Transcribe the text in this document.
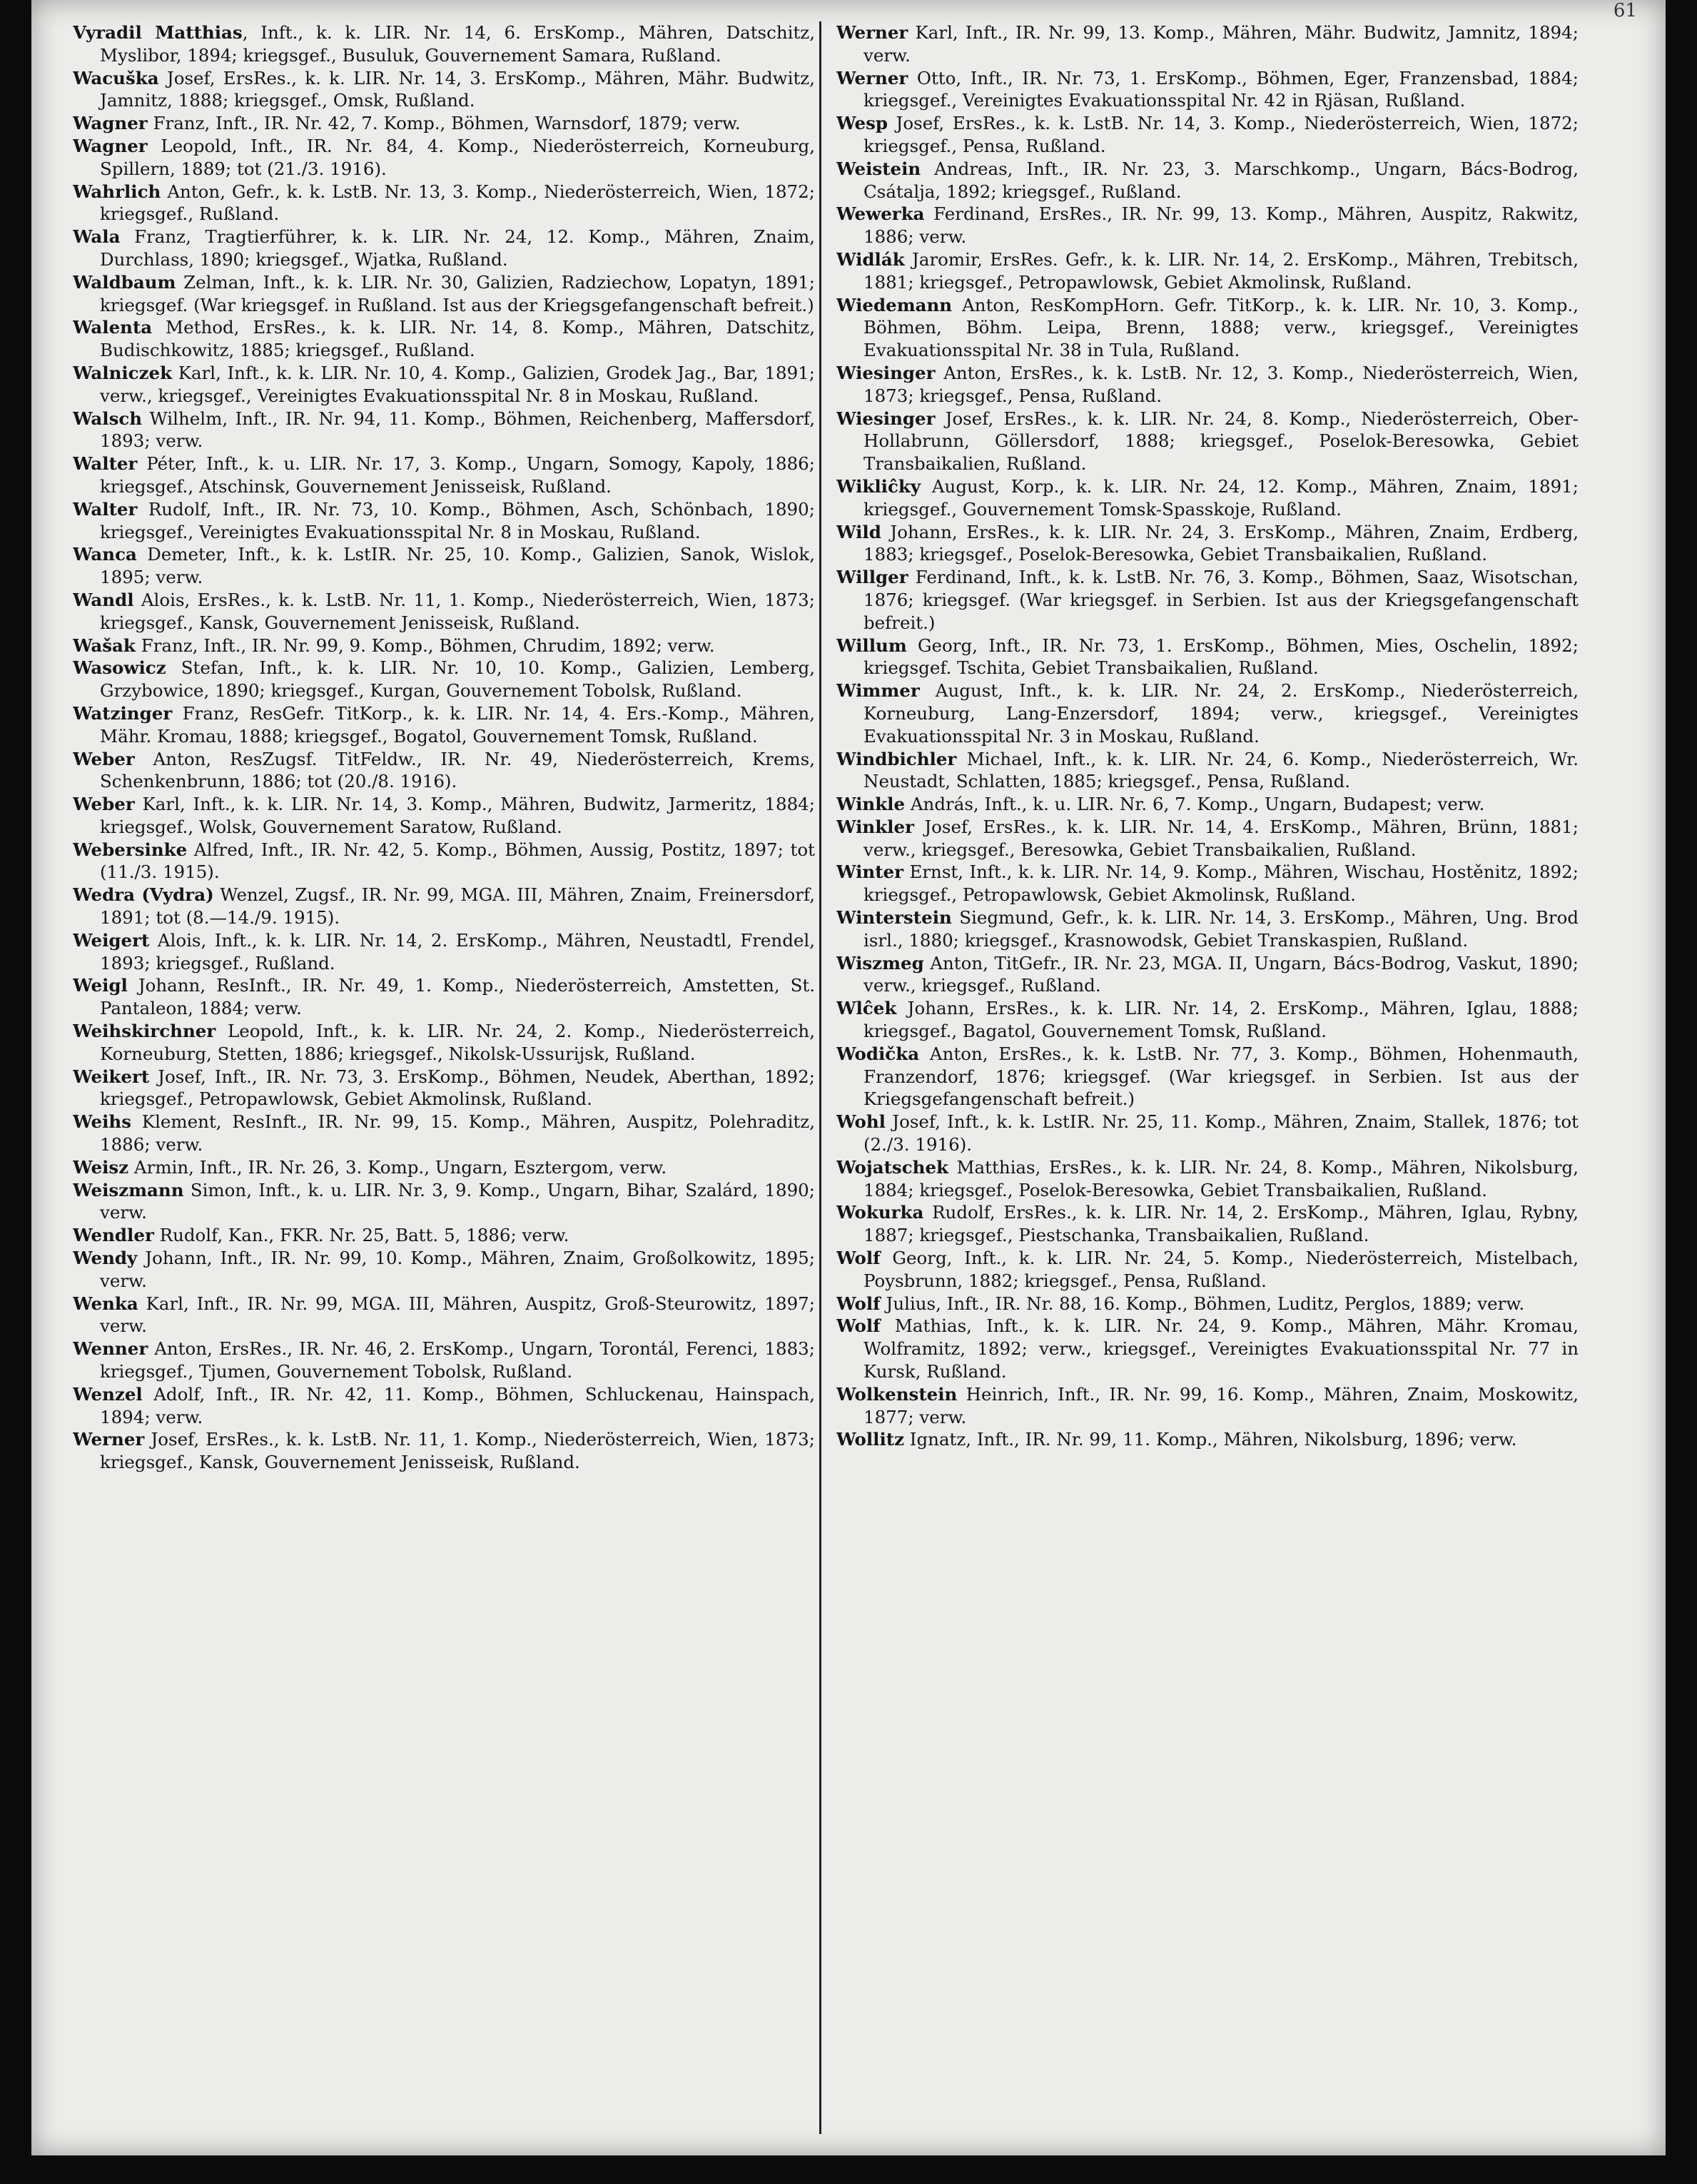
61
Vyradil Matthias, Inft., k. k. LIR. Nr. 14, 6. ErsKomp., Mähren, Datschitz, Myslibor, 1894; kriegsgef., Busuluk, Gouvernement Samara, Rußland.
Wacuška Josef, ErsRes., k. k. LIR. Nr. 14, 3. ErsKomp., Mähren, Mähr. Budwitz, Jamnitz, 1888; kriegsgef., Omsk, Rußland.
Wagner Franz, Inft., IR. Nr. 42, 7. Komp., Böhmen, Warnsdorf, 1879; verw.
Wagner Leopold, Inft., IR. Nr. 84, 4. Komp., Niederösterreich, Korneuburg, Spillern, 1889; tot (21./3. 1916).
Wahrlich Anton, Gefr., k. k. LstB. Nr. 13, 3. Komp., Niederösterreich, Wien, 1872; kriegsgef., Rußland.
Wala Franz, Tragtierführer, k. k. LIR. Nr. 24, 12. Komp., Mähren, Znaim, Durchlass, 1890; kriegsgef., Wjatka, Rußland.
Waldbaum Zelman, Inft., k. k. LIR. Nr. 30, Galizien, Radziechow, Lopatyn, 1891; kriegsgef. (War kriegsgef. in Rußland. Ist aus der Kriegsgefangenschaft befreit.)
Walenta Method, ErsRes., k. k. LIR. Nr. 14, 8. Komp., Mähren, Datschitz, Budischkowitz, 1885; kriegsgef., Rußland.
Walniczek Karl, Inft., k. k. LIR. Nr. 10, 4. Komp., Galizien, Grodek Jag., Bar, 1891; verw., kriegsgef., Vereinigtes Evakuationsspital Nr. 8 in Moskau, Rußland.
Walsch Wilhelm, Inft., IR. Nr. 94, 11. Komp., Böhmen, Reichenberg, Maffersdorf, 1893; verw.
Walter Péter, Inft., k. u. LIR. Nr. 17, 3. Komp., Ungarn, Somogy, Kapoly, 1886; kriegsgef., Atschinsk, Gouvernement Jenisseisk, Rußland.
Walter Rudolf, Inft., IR. Nr. 73, 10. Komp., Böhmen, Asch, Schönbach, 1890; kriegsgef., Vereinigtes Evakuationsspital Nr. 8 in Moskau, Rußland.
Wanca Demeter, Inft., k. k. LstIR. Nr. 25, 10. Komp., Galizien, Sanok, Wislok, 1895; verw.
Wandl Alois, ErsRes., k. k. LstB. Nr. 11, 1. Komp., Niederösterreich, Wien, 1873; kriegsgef., Kansk, Gouvernement Jenisseisk, Rußland.
Wašak Franz, Inft., IR. Nr. 99, 9. Komp., Böhmen, Chrudim, 1892; verw.
Wasowicz Stefan, Inft., k. k. LIR. Nr. 10, 10. Komp., Galizien, Lemberg, Grzybowice, 1890; kriegsgef., Kurgan, Gouvernement Tobolsk, Rußland.
Watzinger Franz, ResGefr. TitKorp., k. k. LIR. Nr. 14, 4. Ers.-Komp., Mähren, Mähr. Kromau, 1888; kriegsgef., Bogatol, Gouvernement Tomsk, Rußland.
Weber Anton, ResZugsf. TitFeldw., IR. Nr. 49, Niederösterreich, Krems, Schenkenbrunn, 1886; tot (20./8. 1916).
Weber Karl, Inft., k. k. LIR. Nr. 14, 3. Komp., Mähren, Budwitz, Jarmeritz, 1884; kriegsgef., Wolsk, Gouvernement Saratow, Rußland.
Webersinke Alfred, Inft., IR. Nr. 42, 5. Komp., Böhmen, Aussig, Postitz, 1897; tot (11./3. 1915).
Wedra (Vydra) Wenzel, Zugsf., IR. Nr. 99, MGA. III, Mähren, Znaim, Freinersdorf, 1891; tot (8.—14./9. 1915).
Weigert Alois, Inft., k. k. LIR. Nr. 14, 2. ErsKomp., Mähren, Neustadtl, Frendel, 1893; kriegsgef., Rußland.
Weigl Johann, ResInft., IR. Nr. 49, 1. Komp., Niederösterreich, Amstetten, St. Pantaleon, 1884; verw.
Weihskirchner Leopold, Inft., k. k. LIR. Nr. 24, 2. Komp., Niederösterreich, Korneuburg, Stetten, 1886; kriegsgef., Nikolsk-Ussurijsk, Rußland.
Weikert Josef, Inft., IR. Nr. 73, 3. ErsKomp., Böhmen, Neudek, Aberthan, 1892; kriegsgef., Petropawlowsk, Gebiet Akmolinsk, Rußland.
Weihs Klement, ResInft., IR. Nr. 99, 15. Komp., Mähren, Auspitz, Polehraditz, 1886; verw.
Weisz Armin, Inft., IR. Nr. 26, 3. Komp., Ungarn, Esztergom, verw.
Weiszmann Simon, Inft., k. u. LIR. Nr. 3, 9. Komp., Ungarn, Bihar, Szalárd, 1890; verw.
Wendler Rudolf, Kan., FKR. Nr. 25, Batt. 5, 1886; verw.
Wendy Johann, Inft., IR. Nr. 99, 10. Komp., Mähren, Znaim, Großolkowitz, 1895; verw.
Wenka Karl, Inft., IR. Nr. 99, MGA. III, Mähren, Auspitz, Groß-Steurowitz, 1897; verw.
Wenner Anton, ErsRes., IR. Nr. 46, 2. ErsKomp., Ungarn, Torontál, Ferenci, 1883; kriegsgef., Tjumen, Gouvernement Tobolsk, Rußland.
Wenzel Adolf, Inft., IR. Nr. 42, 11. Komp., Böhmen, Schluckenau, Hainspach, 1894; verw.
Werner Josef, ErsRes., k. k. LstB. Nr. 11, 1. Komp., Niederösterreich, Wien, 1873; kriegsgef., Kansk, Gouvernement Jenisseisk, Rußland.
Werner Karl, Inft., IR. Nr. 99, 13. Komp., Mähren, Mähr. Budwitz, Jamnitz, 1894; verw.
Werner Otto, Inft., IR. Nr. 73, 1. ErsKomp., Böhmen, Eger, Franzensbad, 1884; kriegsgef., Vereinigtes Evakuationsspital Nr. 42 in Rjäsan, Rußland.
Wesp Josef, ErsRes., k. k. LstB. Nr. 14, 3. Komp., Niederösterreich, Wien, 1872; kriegsgef., Pensa, Rußland.
Weistein Andreas, Inft., IR. Nr. 23, 3. Marschkomp., Ungarn, Bács-Bodrog, Csátalja, 1892; kriegsgef., Rußland.
Wewerka Ferdinand, ErsRes., IR. Nr. 99, 13. Komp., Mähren, Auspitz, Rakwitz, 1886; verw.
Widlák Jaromir, ErsRes. Gefr., k. k. LIR. Nr. 14, 2. ErsKomp., Mähren, Trebitsch, 1881; kriegsgef., Petropawlowsk, Gebiet Akmolinsk, Rußland.
Wiedemann Anton, ResKompHorn. Gefr. TitKorp., k. k. LIR. Nr. 10, 3. Komp., Böhmen, Böhm. Leipa, Brenn, 1888; verw., kriegsgef., Vereinigtes Evakuationsspital Nr. 38 in Tula, Rußland.
Wiesinger Anton, ErsRes., k. k. LstB. Nr. 12, 3. Komp., Niederösterreich, Wien, 1873; kriegsgef., Pensa, Rußland.
Wiesinger Josef, ErsRes., k. k. LIR. Nr. 24, 8. Komp., Niederösterreich, Ober-Hollabrunn, Göllersdorf, 1888; kriegsgef., Poselok-Beresowka, Gebiet Transbaikalien, Rußland.
Wikliĉky August, Korp., k. k. LIR. Nr. 24, 12. Komp., Mähren, Znaim, 1891; kriegsgef., Gouvernement Tomsk-Spasskoje, Rußland.
Wild Johann, ErsRes., k. k. LIR. Nr. 24, 3. ErsKomp., Mähren, Znaim, Erdberg, 1883; kriegsgef., Poselok-Beresowka, Gebiet Transbaikalien, Rußland.
Willger Ferdinand, Inft., k. k. LstB. Nr. 76, 3. Komp., Böhmen, Saaz, Wisotschan, 1876; kriegsgef. (War kriegsgef. in Serbien. Ist aus der Kriegsgefangenschaft befreit.)
Willum Georg, Inft., IR. Nr. 73, 1. ErsKomp., Böhmen, Mies, Oschelin, 1892; kriegsgef. Tschita, Gebiet Transbaikalien, Rußland.
Wimmer August, Inft., k. k. LIR. Nr. 24, 2. ErsKomp., Niederösterreich, Korneuburg, Lang-Enzersdorf, 1894; verw., kriegsgef., Vereinigtes Evakuationsspital Nr. 3 in Moskau, Rußland.
Windbichler Michael, Inft., k. k. LIR. Nr. 24, 6. Komp., Niederösterreich, Wr. Neustadt, Schlatten, 1885; kriegsgef., Pensa, Rußland.
Winkle András, Inft., k. u. LIR. Nr. 6, 7. Komp., Ungarn, Budapest; verw.
Winkler Josef, ErsRes., k. k. LIR. Nr. 14, 4. ErsKomp., Mähren, Brünn, 1881; verw., kriegsgef., Beresowka, Gebiet Transbaikalien, Rußland.
Winter Ernst, Inft., k. k. LIR. Nr. 14, 9. Komp., Mähren, Wischau, Hostěnitz, 1892; kriegsgef., Petropawlowsk, Gebiet Akmolinsk, Rußland.
Winterstein Siegmund, Gefr., k. k. LIR. Nr. 14, 3. ErsKomp., Mähren, Ung. Brod isrl., 1880; kriegsgef., Krasnowodsk, Gebiet Transkaspien, Rußland.
Wiszmeg Anton, TitGefr., IR. Nr. 23, MGA. II, Ungarn, Bács-Bodrog, Vaskut, 1890; verw., kriegsgef., Rußland.
Wlĉek Johann, ErsRes., k. k. LIR. Nr. 14, 2. ErsKomp., Mähren, Iglau, 1888; kriegsgef., Bagatol, Gouvernement Tomsk, Rußland.
Wodička Anton, ErsRes., k. k. LstB. Nr. 77, 3. Komp., Böhmen, Hohenmauth, Franzendorf, 1876; kriegsgef. (War kriegsgef. in Serbien. Ist aus der Kriegsgefangenschaft befreit.)
Wohl Josef, Inft., k. k. LstIR. Nr. 25, 11. Komp., Mähren, Znaim, Stallek, 1876; tot (2./3. 1916).
Wojatschek Matthias, ErsRes., k. k. LIR. Nr. 24, 8. Komp., Mähren, Nikolsburg, 1884; kriegsgef., Poselok-Beresowka, Gebiet Transbaikalien, Rußland.
Wokurka Rudolf, ErsRes., k. k. LIR. Nr. 14, 2. ErsKomp., Mähren, Iglau, Rybny, 1887; kriegsgef., Piestschanka, Transbaikalien, Rußland.
Wolf Georg, Inft., k. k. LIR. Nr. 24, 5. Komp., Niederösterreich, Mistelbach, Poysbrunn, 1882; kriegsgef., Pensa, Rußland.
Wolf Julius, Inft., IR. Nr. 88, 16. Komp., Böhmen, Luditz, Perglos, 1889; verw.
Wolf Mathias, Inft., k. k. LIR. Nr. 24, 9. Komp., Mähren, Mähr. Kromau, Wolframitz, 1892; verw., kriegsgef., Vereinigtes Evakuationsspital Nr. 77 in Kursk, Rußland.
Wolkenstein Heinrich, Inft., IR. Nr. 99, 16. Komp., Mähren, Znaim, Moskowitz, 1877; verw.
Wollitz Ignatz, Inft., IR. Nr. 99, 11. Komp., Mähren, Nikolsburg, 1896; verw.
